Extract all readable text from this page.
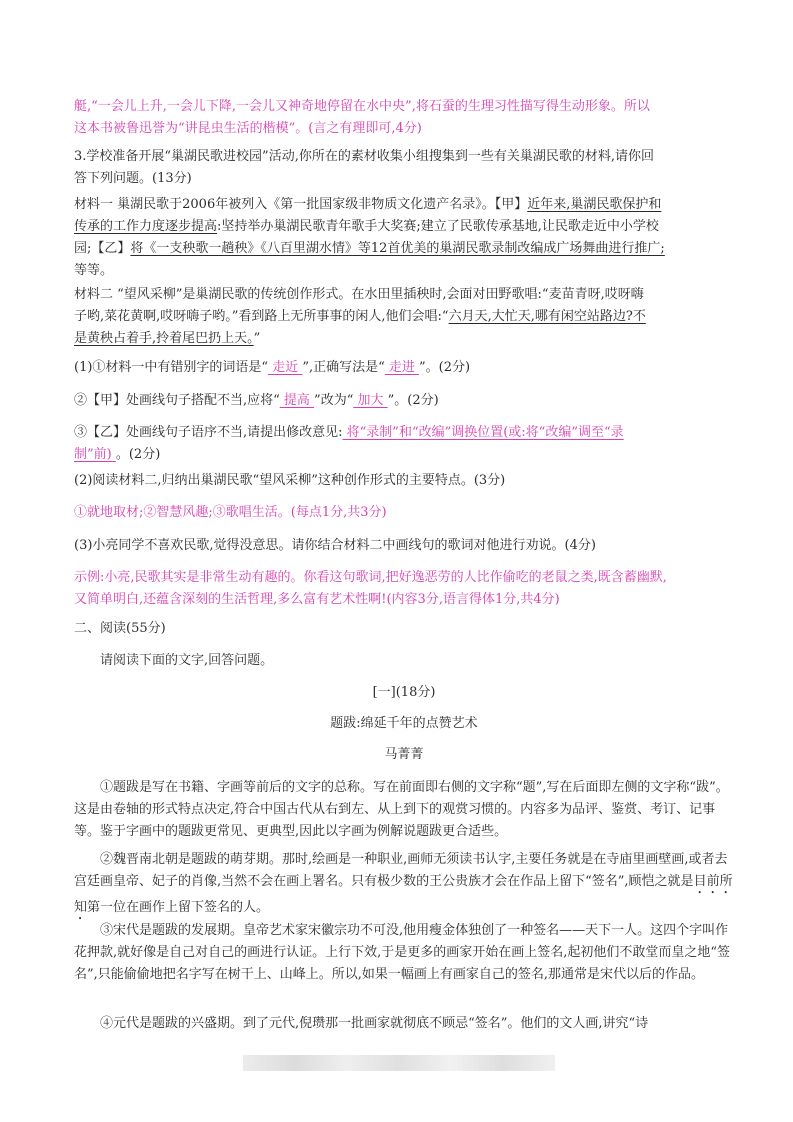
艇,“一会儿上升,一会儿下降,一会儿又神奇地停留在水中央”,将石蚕的生理习性描写得生动形象。所以
这本书被鲁迅誉为“讲昆虫生活的楷模”。(言之有理即可,4分)
3.学校准备开展“巢湖民歌进校园”活动,你所在的素材收集小组搜集到一些有关巢湖民歌的材料,请你回
答下列问题。(13分)
材料一 巢湖民歌于2006年被列入《第一批国家级非物质文化遗产名录》。【甲】近年来,巢湖民歌保护和
传承的工作力度逐步提高:坚持举办巢湖民歌青年歌手大奖赛;建立了民歌传承基地,让民歌走近中小学校
园;【乙】将《一支秧歌一趟秧》《八百里湖水情》等12首优美的巢湖民歌录制改编成广场舞曲进行推广;
等等。
材料二 “望风采柳”是巢湖民歌的传统创作形式。在水田里插秧时,会面对田野歌唱:“麦苗青呀,哎呀嗨
子哟,菜花黄啊,哎呀嗨子哟。”看到路上无所事事的闲人,他们会唱:“六月天,大忙天,哪有闲空站路边?不
是黄秧占着手,拎着尾巴扔上天。”
(1)①材料一中有错别字的词语是“ 走近 ”,正确写法是“ 走进 ”。(2分)
②【甲】处画线句子搭配不当,应将“ 提高 ”改为“ 加大 ”。(2分)
③【乙】处画线句子语序不当,请提出修改意见: 将“录制”和“改编”调换位置(或:将“改编”调至“录
制”前) 。(2分)
(2)阅读材料二,归纳出巢湖民歌“望风采柳”这种创作形式的主要特点。(3分)
①就地取材;②智慧风趣;③歌唱生活。(每点1分,共3分)
(3)小亮同学不喜欢民歌,觉得没意思。请你结合材料二中画线句的歌词对他进行劝说。(4分)
示例:小亮,民歌其实是非常生动有趣的。你看这句歌词,把好逸恶劳的人比作偷吃的老鼠之类,既含蓄幽默,
又简单明白,还蕴含深刻的生活哲理,多么富有艺术性啊!(内容3分,语言得体1分,共4分)
二、阅读(55分)
请阅读下面的文字,回答问题。
[一](18分)
题跋:绵延千年的点赞艺术
马菁菁
①题跋是写在书籍、字画等前后的文字的总称。写在前面即右侧的文字称“题”,写在后面即左侧的文字称“跋”。这是由卷轴的形式特点决定,符合中国古代从右到左、从上到下的观赏习惯的。内容多为品评、鉴赏、考订、记事等。鉴于字画中的题跋更常见、更典型,因此以字画为例解说题跋更合适些。
②魏晋南北朝是题跋的萌芽期。那时,绘画是一种职业,画师无须读书认字,主要任务就是在寺庙里画壁画,或者去宫廷画皇帝、妃子的肖像,当然不会在画上署名。只有极少数的王公贵族才会在作品上留下“签名”,顾恺之就是目前所知第一位在画作上留下签名的人。
③宋代是题跋的发展期。皇帝艺术家宋徽宗功不可没,他用瘦金体独创了一种签名——天下一人。这四个字叫作花押款,就好像是自己对自己的画进行认证。上行下效,于是更多的画家开始在画上签名,起初他们不敢堂而皇之地“签名”,只能偷偷地把名字写在树干上、山峰上。所以,如果一幅画上有画家自己的签名,那通常是宋代以后的作品。
④元代是题跋的兴盛期。到了元代,倪瓒那一批画家就彻底不顾忌“签名”。他们的文人画,讲究“诗
